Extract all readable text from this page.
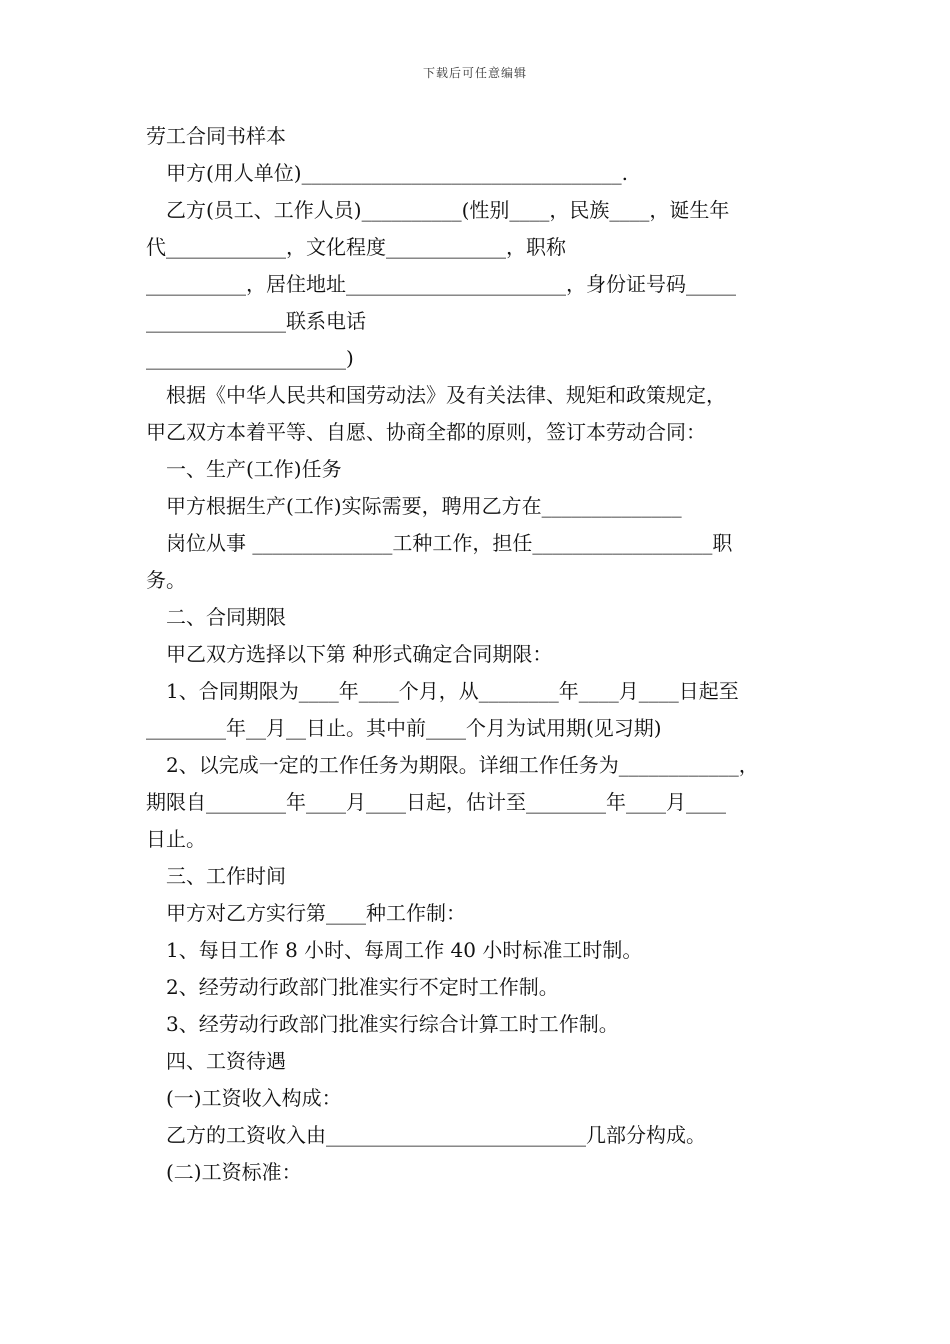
下载后可任意编辑
劳工合同书样本
甲方(用人单位)________________________________.
乙方(员工、工作人员)__________(性别____，民族____，诞生年
代____________，文化程度____________，职称
__________，居住地址______________________，身份证号码_____
______________联系电话
____________________)
根据《中华人民共和国劳动法》及有关法律、规矩和政策规定，
甲乙双方本着平等、自愿、协商全都的原则，签订本劳动合同：
一、生产(工作)任务
甲方根据生产(工作)实际需要，聘用乙方在______________
岗位从事 ______________工种工作，担任__________________职
务。
二、合同期限
甲乙双方选择以下第 种形式确定合同期限：
1、合同期限为____年____个月，从________年____月____日起至
________年__月__日止。其中前____个月为试用期(见习期)
2、以完成一定的工作任务为期限。详细工作任务为____________，
期限自________年____月____日起，估计至________年____月____
日止。
三、工作时间
甲方对乙方实行第____种工作制：
1、每日工作 8 小时、每周工作 40 小时标准工时制。
2、经劳动行政部门批准实行不定时工作制。
3、经劳动行政部门批准实行综合计算工时工作制。
四、工资待遇
(一)工资收入构成：
乙方的工资收入由__________________________几部分构成。
(二)工资标准：
